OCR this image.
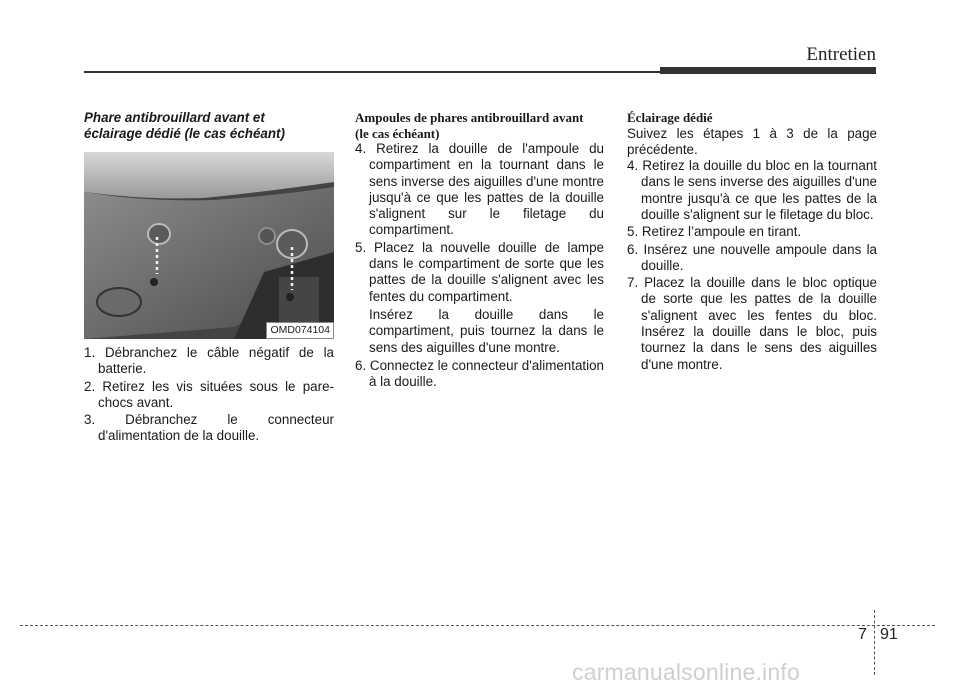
Entretien
Phare antibrouillard avant et
éclairage dédié (le cas échéant)
OMD074104
1. Débranchez le câble négatif de la batterie.
2. Retirez les vis situées sous le pare-chocs avant.
3. Débranchez le connecteur d'alimentation de la douille.
Ampoules de phares antibrouillard avant
(le cas échéant)
4. Retirez la douille de l'ampoule du compartiment en la tournant dans le sens inverse des aiguilles d'une montre jusqu'à ce que les pattes de la douille s'alignent sur le filetage du compartiment.
5. Placez la nouvelle douille de lampe dans le compartiment de sorte que les pattes de la douille s'alignent avec les fentes du compartiment.
Insérez la douille dans le compartiment, puis tournez la dans le sens des aiguilles d'une montre.
6. Connectez le connecteur d'alimentation à la douille.
Éclairage dédié
Suivez les étapes 1 à 3 de la page précédente.
4. Retirez la douille du bloc en la tournant dans le sens inverse des aiguilles d'une montre jusqu'à ce que les pattes de la douille s'alignent sur le filetage du bloc.
5. Retirez l’ampoule en tirant.
6. Insérez une nouvelle ampoule dans la douille.
7. Placez la douille dans le bloc optique de sorte que les pattes de la douille s'alignent avec les fentes du bloc. Insérez la douille dans le bloc, puis tournez la dans le sens des aiguilles d'une montre.
7 91
carmanualsonline.info
